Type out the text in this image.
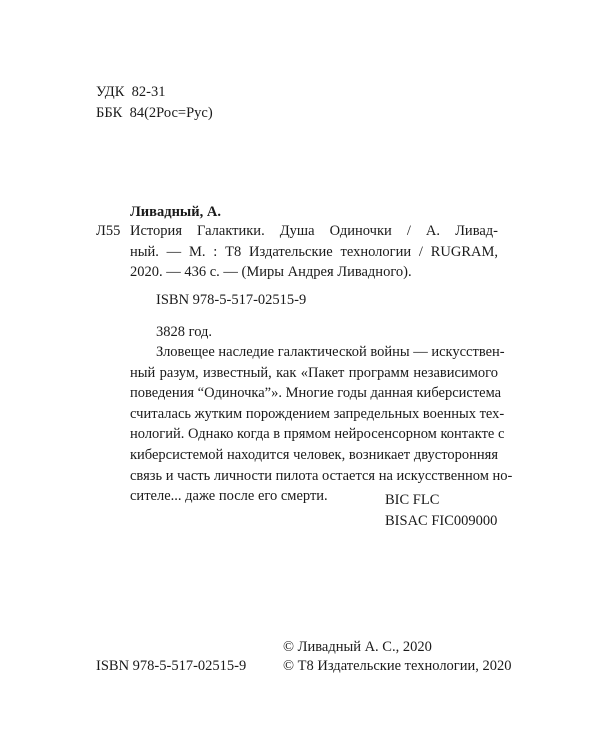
УДК 82-31
ББК 84(2Рос=Рус)
Ливадный, А.
Л55 История Галактики. Душа Одиночки / А. Ливад-
ный. — М. : Т8 Издательские технологии / RUGRAM,
2020. — 436 с. — (Миры Андрея Ливадного).
ISBN 978-5-517-02515-9
3828 год.
Зловещее наследие галактической войны — искусствен-
ный разум, известный, как «Пакет программ независимого
поведения “Одиночка”». Многие годы данная киберсистема
считалась жутким порождением запредельных военных тех-
нологий. Однако когда в прямом нейросенсорном контакте с
киберсистемой находится человек, возникает двусторонняя
связь и часть личности пилота остается на искусственном но-
сителе... даже после его смерти.	BIC FLC
BISAC FIC009000
ISBN 978-5-517-02515-9
© Ливадный А. С., 2020
© Т8 Издательские технологии, 2020
